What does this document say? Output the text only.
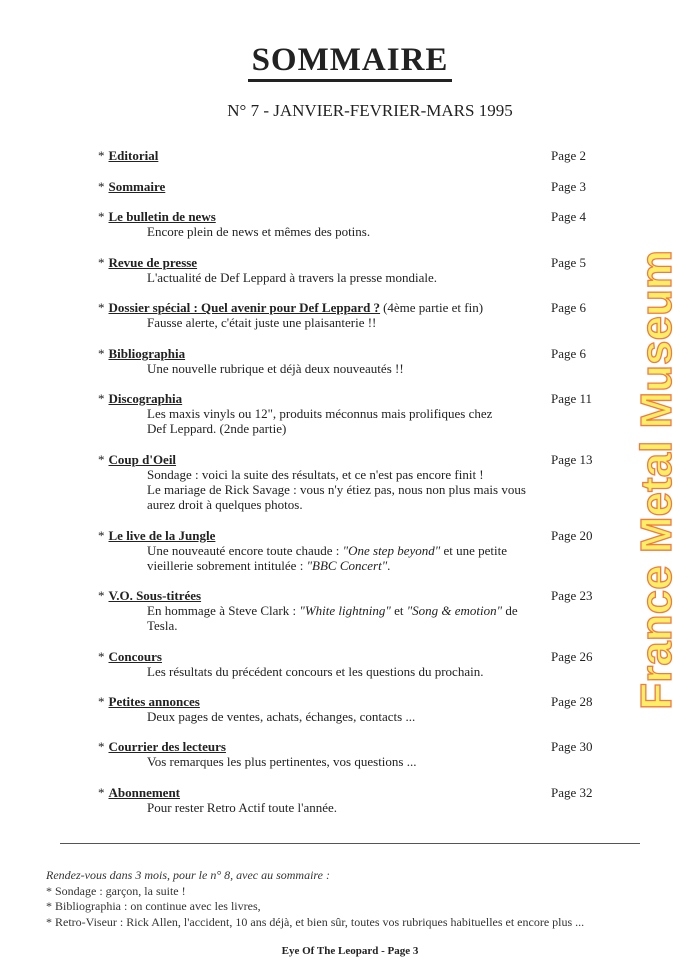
SOMMAIRE
N° 7 - JANVIER-FEVRIER-MARS 1995
* Editorial	Page 2
* Sommaire	Page 3
* Le bulletin de news	Page 4
Encore plein de news et mêmes des potins.
* Revue de presse	Page 5
L'actualité de Def Leppard à travers la presse mondiale.
* Dossier spécial : Quel avenir pour Def Leppard ? (4ème partie et fin)	Page 6
Fausse alerte, c'était juste une plaisanterie !!
* Bibliographia	Page 6
Une nouvelle rubrique et déjà deux nouveautés !!
* Discographia	Page 11
Les maxis vinyls ou 12", produits méconnus mais prolifiques chez
Def Leppard. (2nde partie)
* Coup d'Oeil	Page 13
Sondage : voici la suite des résultats, et ce n'est pas encore finit !
Le mariage de Rick Savage : vous n'y étiez pas, nous non plus mais vous
aurez droit à quelques photos.
* Le live de la Jungle	Page 20
Une nouveauté encore toute chaude : "One step beyond" et une petite
vieillerie sobrement intitulée : "BBC Concert".
* V.O. Sous-titrées	Page 23
En hommage à Steve Clark : "White lightning" et "Song & emotion" de
Tesla.
* Concours	Page 26
Les résultats du précédent concours et les questions du prochain.
* Petites annonces	Page 28
Deux pages de ventes, achats, échanges, contacts ...
* Courrier des lecteurs	Page 30
Vos remarques les plus pertinentes, vos questions ...
* Abonnement	Page 32
Pour rester Retro Actif toute l'année.
Rendez-vous dans 3 mois, pour le n° 8, avec au sommaire :
* Sondage : garçon, la suite !
* Bibliographia : on continue avec les livres,
* Retro-Viseur : Rick Allen, l'accident, 10 ans déjà, et bien sûr, toutes vos rubriques habituelles et encore plus ...
Eye Of The Leopard - Page 3
France Metal Museum
